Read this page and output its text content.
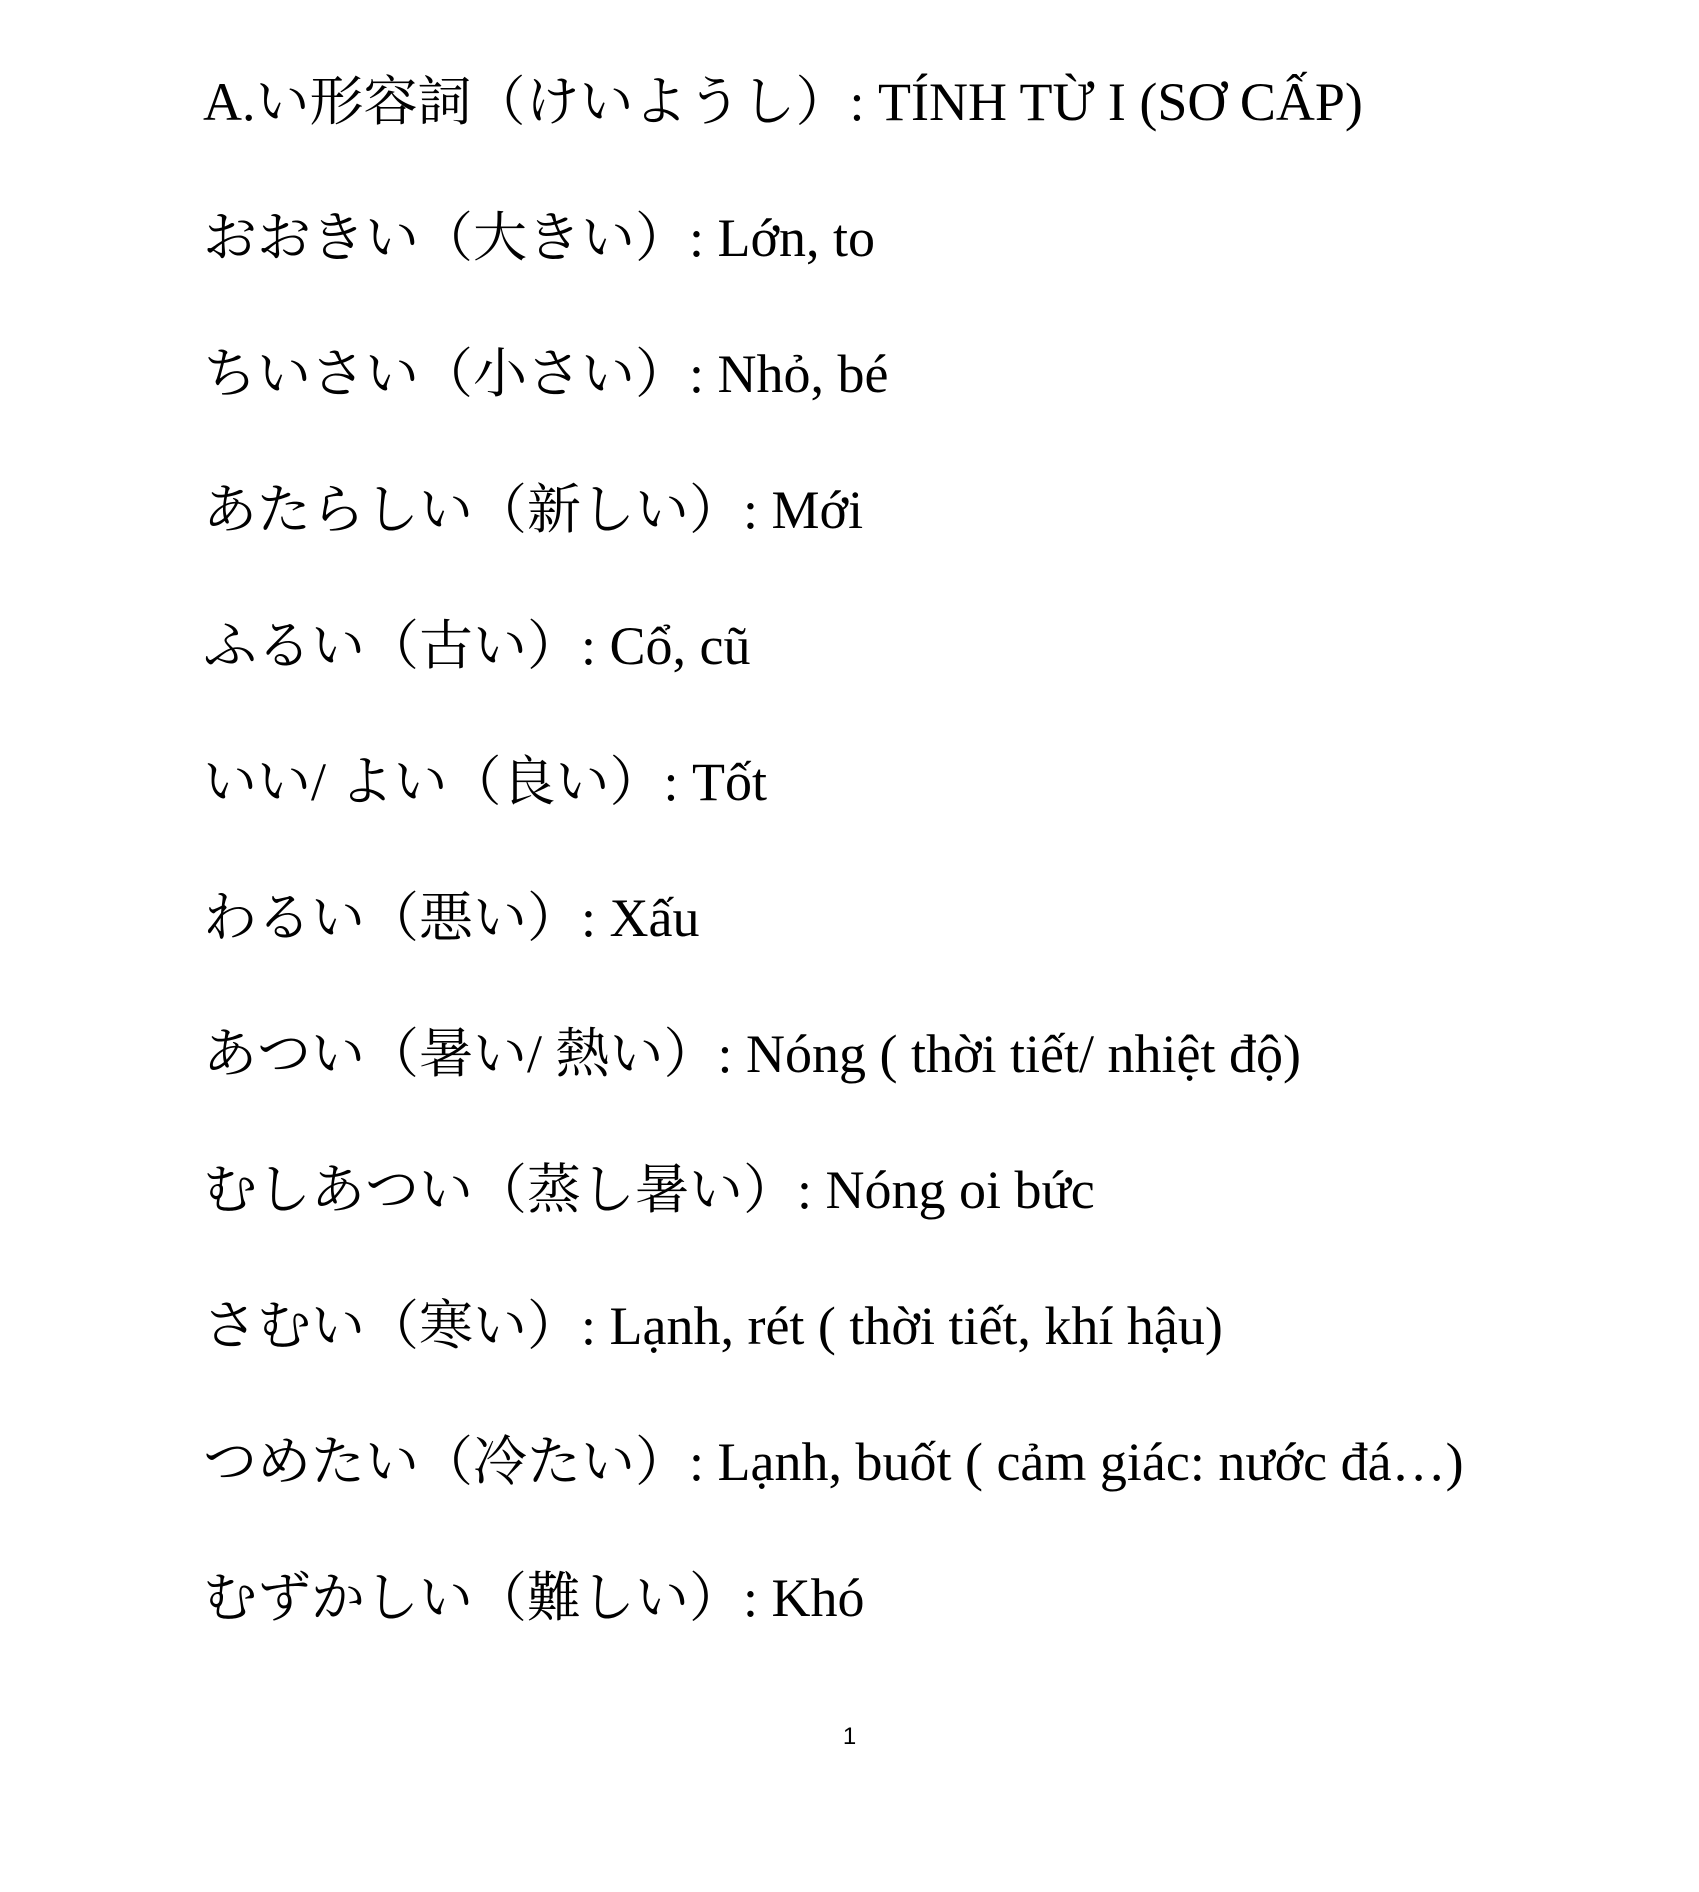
A.い形容詞（けいようし）: TÍNH TỪ I (SƠ CẤP)
おおきい（大きい）: Lớn, to
ちいさい（小さい）: Nhỏ, bé
あたらしい（新しい）: Mới
ふるい（古い）: Cổ, cũ
いい/ よい（良い）: Tốt
わるい（悪い）: Xấu
あつい（暑い/ 熱い）: Nóng ( thời tiết/ nhiệt độ)
むしあつい（蒸し暑い）: Nóng oi bức
さむい（寒い）: Lạnh, rét ( thời tiết, khí hậu)
つめたい（冷たい）: Lạnh, buốt ( cảm giác: nước đá…)
むずかしい（難しい）: Khó
1
